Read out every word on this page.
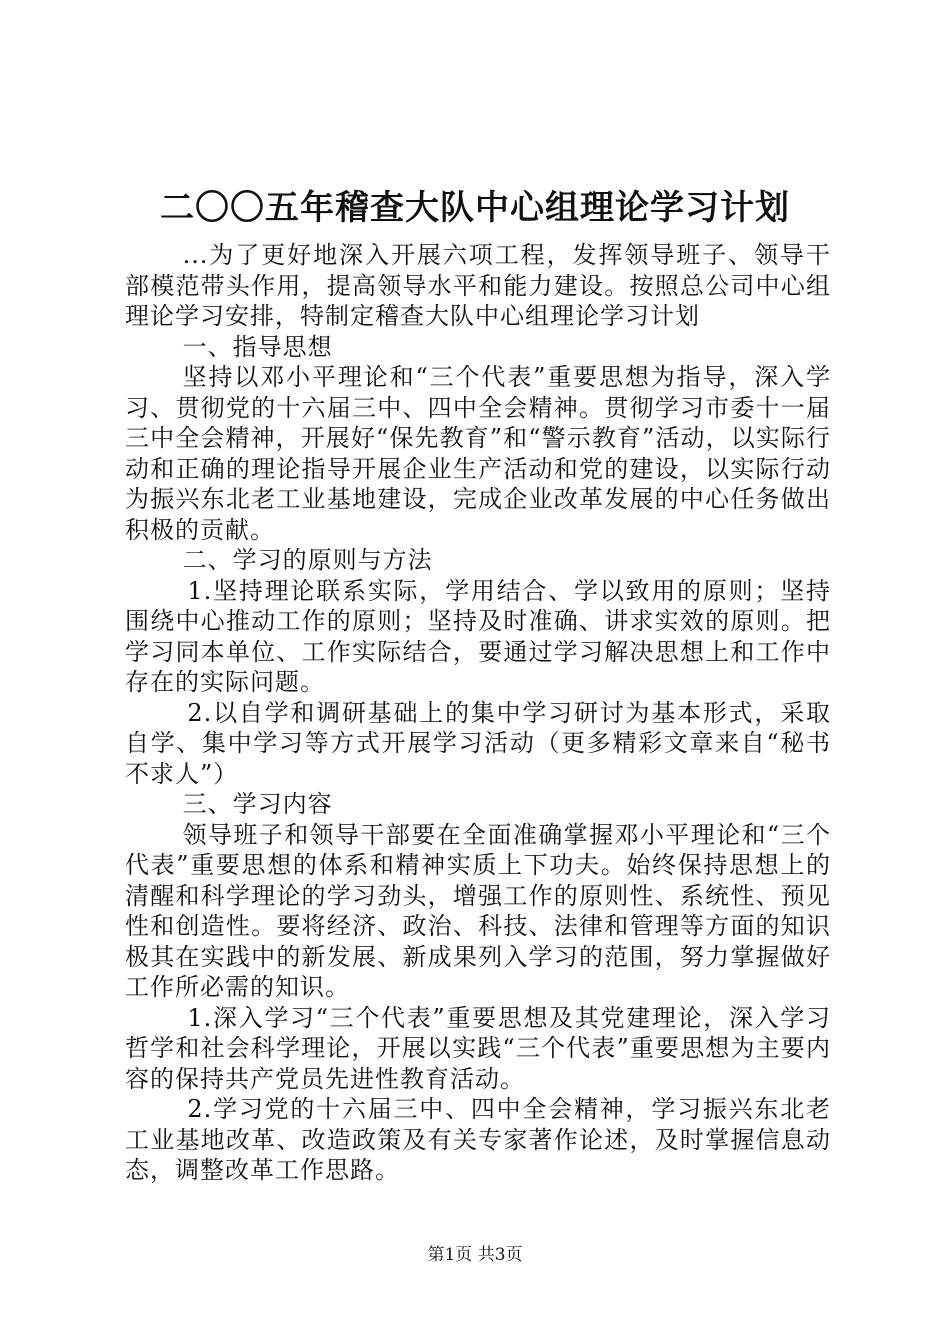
二〇〇五年稽查大队中心组理论学习计划

...为了更好地深入开展六项工程，发挥领导班子、领导干部模范带头作用，提高领导水平和能力建设。按照总公司中心组理论学习安排，特制定稽查大队中心组理论学习计划

一、指导思想

坚持以邓小平理论和“三个代表”重要思想为指导，深入学习、贯彻党的十六届三中、四中全会精神。贯彻学习市委十一届三中全会精神，开展好“保先教育”和“警示教育”活动，以实际行动和正确的理论指导开展企业生产活动和党的建设，以实际行动为振兴东北老工业基地建设，完成企业改革发展的中心任务做出积极的贡献。

二、学习的原则与方法

1.坚持理论联系实际，学用结合、学以致用的原则；坚持围绕中心推动工作的原则；坚持及时准确、讲求实效的原则。把学习同本单位、工作实际结合，要通过学习解决思想上和工作中存在的实际问题。

2.以自学和调研基础上的集中学习研讨为基本形式，采取自学、集中学习等方式开展学习活动（更多精彩文章来自“秘书不求人”）

三、学习内容

领导班子和领导干部要在全面准确掌握邓小平理论和“三个代表”重要思想的体系和精神实质上下功夫。始终保持思想上的清醒和科学理论的学习劲头，增强工作的原则性、系统性、预见性和创造性。要将经济、政治、科技、法律和管理等方面的知识极其在实践中的新发展、新成果列入学习的范围，努力掌握做好工作所必需的知识。

1.深入学习“三个代表”重要思想及其党建理论，深入学习哲学和社会科学理论，开展以实践“三个代表”重要思想为主要内容的保持共产党员先进性教育活动。

2.学习党的十六届三中、四中全会精神，学习振兴东北老工业基地改革、改造政策及有关专家著作论述，及时掌握信息动态，调整改革工作思路。

第1页 共3页
